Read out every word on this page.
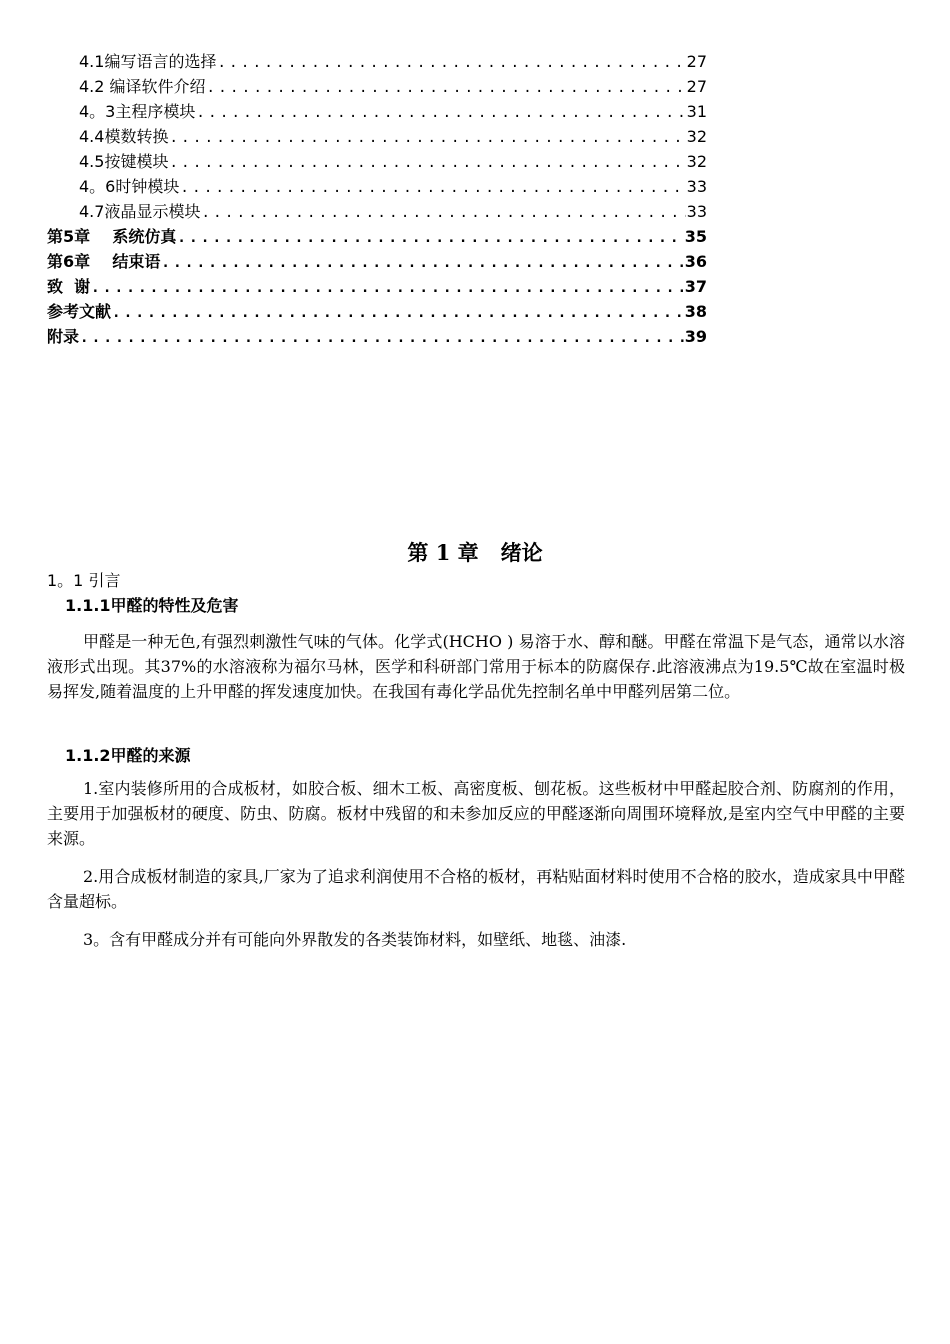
4.1编写语言的选择 .....	27
4.2 编译软件介绍 .....	27
4。3主程序模块 .....	31
4.4模数转换 .....	32
4.5按键模块 .....	32
4。6时钟模块 .....	33
4.7液晶显示模块 .....	33
第5章    系统仿真 .....	35
第6章    结束语 .....	36
致  谢 .....	37
参考文献 .....	38
附录 .....	39
第 1 章   绪论
1。1 引言
1.1.1甲醛的特性及危害

甲醛是一种无色,有强烈刺激性气味的气体。化学式(HCHO ) 易溶于水、醇和醚。甲醛在常温下是气态，通常以水溶液形式出现。其37%的水溶液称为福尔马林，医学和科研部门常用于标本的防腐保存.此溶液沸点为19.5℃故在室温时极易挥发,随着温度的上升甲醛的挥发速度加快。在我国有毒化学品优先控制名单中甲醛列居第二位。

1.1.2甲醛的来源

1.室内装修所用的合成板材，如胶合板、细木工板、高密度板、刨花板。这些板材中甲醛起胶合剂、防腐剂的作用，主要用于加强板材的硬度、防虫、防腐。板材中残留的和未参加反应的甲醛逐渐向周围环境释放,是室内空气中甲醛的主要来源。

2.用合成板材制造的家具,厂家为了追求利润使用不合格的板材，再粘贴面材料时使用不合格的胶水，造成家具中甲醛含量超标。

3。含有甲醛成分并有可能向外界散发的各类装饰材料，如壁纸、地毯、油漆.
